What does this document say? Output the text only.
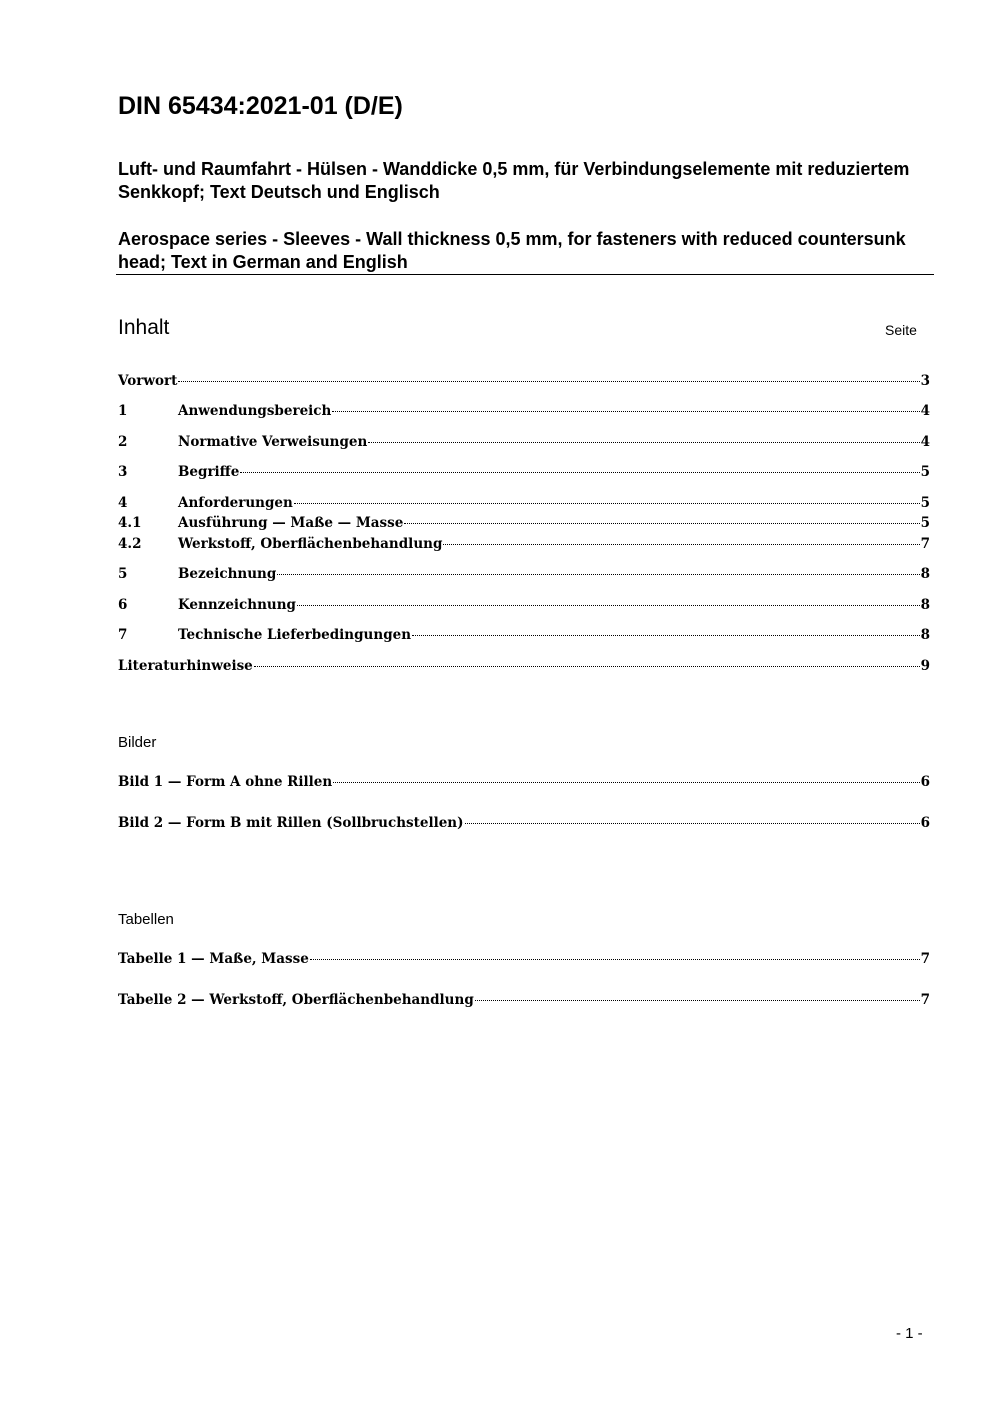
DIN 65434:2021-01 (D/E)

Luft- und Raumfahrt - Hülsen - Wanddicke 0,5 mm, für Verbindungselemente mit reduziertem Senkkopf; Text Deutsch und Englisch

Aerospace series - Sleeves - Wall thickness 0,5 mm, for fasteners with reduced countersunk head; Text in German and English

Inhalt	Seite
Vorwort	3
1	Anwendungsbereich	4
2	Normative Verweisungen	4
3	Begriffe	5
4	Anforderungen	5
4.1	Ausführung — Maße — Masse	5
4.2	Werkstoff, Oberflächenbehandlung	7
5	Bezeichnung	8
6	Kennzeichnung	8
7	Technische Lieferbedingungen	8
Literaturhinweise	9
Bilder
Bild 1 — Form A ohne Rillen	6
Bild 2 — Form B mit Rillen (Sollbruchstellen)	6
Tabellen
Tabelle 1 — Maße, Masse	7
Tabelle 2 — Werkstoff, Oberflächenbehandlung	7
- 1 -
